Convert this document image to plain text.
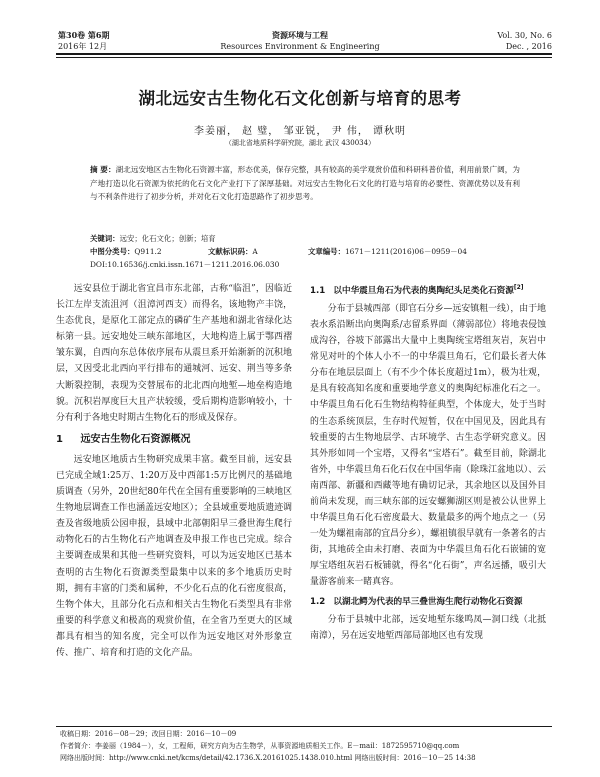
第30卷 第6期
2016年 12月
资源环境与工程
Resources Environment & Engineering
Vol. 30, No. 6
Dec. , 2016
湖北远安古生物化石文化创新与培育的思考
李姜丽， 赵 璧， 邹亚锐， 尹 伟， 谭秋明
（湖北省地质科学研究院，湖北 武汉 430034）
摘 要：湖北远安地区古生物化石资源丰富，形态优美，保存完整，具有较高的美学观赏价值和科研科普价值，利用前景广阔，为产地打造以化石资源为依托的化石文化产业打下了深厚基础。对远安古生物化石文化的打造与培育的必要性、资源优势以及有利与不利条件进行了初步分析，并对化石文化打造思路作了初步思考。
关键词：远安；化石文化；创新；培育
中图分类号：Q911.2	文献标识码：A	文章编号：1671－1211(2016)06－0959－04
DOI:10.16536/j.cnki.issn.1671－1211.2016.06.030

远安县位于湖北省宜昌市东北部，古称“临沮”，因临近长江左岸支流沮河（沮漳河西支）而得名，该地物产丰饶，生态优良，是原化工部定点的磷矿生产基地和湖北省绿化达标第一县。远安地处三峡东部地区，大地构造上属于鄂西褶皱东翼，自西向东总体依序展布从震旦系开始渐新的沉积地层，又因受北北西向平行排布的通城河、远安、荆当等多条大断裂控制，表现为交替展布的北北西向地堑—地垒构造地貌。沉积岩厚度巨大且产状较缓，受后期构造影响较小，十分有利于各地史时期古生物化石的形成及保存。

1 远安古生物化石资源概况

远安地区地质古生物研究成果丰富。截至目前，远安县已完成全域1:25万、1:20万及中西部1:5万比例尺的基础地质调查（另外，20世纪80年代在全国有重要影响的三峡地区生物地层调查工作也涵盖远安地区）；全县域重要地质遗迹调查及省级地质公园申报，县域中北部朝阳早三叠世海生爬行动物化石的古生物化石产地调查及申报工作也已完成。综合主要调查成果和其他一些研究资料，可以为远安地区已基本查明的古生物化石资源类型最集中以来的多个地质历史时期，拥有丰富的门类和属种，不少化石点的化石密度很高，生物个体大，且部分化石点和相关古生物化石类型具有非常重要的科学意义和极高的观赏价值，在全省乃至更大的区域都具有相当的知名度，完全可以作为远安地区对外形象宣传、推广、培育和打造的文化产品。

1.1 以中华震旦角石为代表的奥陶纪头足类化石资源[2]

分布于县城西部（即官石分乡—远安镇粗一线），由于地表水系沿断出向奥陶系/志留系界面（薄弱部位）将地表侵蚀成沟谷，谷坡下部露出大量中上奥陶统宝塔组灰岩，灰岩中常见对叶的个体人小不一的中华震旦角石，它们最长者大体分布在地层层面上（有不少个体长度超过1m），极为壮观，是具有较高知名度和重要地学意义的奥陶纪标准化石之一。中华震旦角石化石生物结构特征典型，个体庞大，处于当时的生态系统顶层，生存时代短暂，仅在中国见及，因此具有较重要的古生物地层学、古环境学、古生态学研究意义。因其外形如同一个宝塔，又得名“宝塔石”。截至目前，除湖北省外，中华震旦角石化石仅在中国华南（除珠江盆地以）、云南西部、新疆和西藏等地有确切记录，其余地区以及国外目前尚未发现，而三峡东部的远安螺狮湖区则是被公认世界上中华震旦角石化石密度最大、数量最多的两个地点之一（另一处为螺祖南部的宜昌分乡），螺祖镇很早就有一条著名的古街，其地砖全由未打磨、表面为中华震旦角石化石嵌铺的宽厚宝塔组灰岩石板铺就，得名“化石街”，声名远播，吸引大量游客前来一睹真容。

1.2 以湖北鳄为代表的早三叠世海生爬行动物化石资源

分布于县城中北部，远安地堑东缘鸣凤—洞口线（北抵南漳），另在远安地堑西部局部地区也有发现

收稿日期：2016－08－29；改回日期：2016－10－09
作者简介：李姜丽（1984－），女，工程师，研究方向为古生物学，从事资源地质相关工作。E－mail：1872595710@qq.com
网络出版时间：http://www.cnki.net/kcms/detail/42.1736.X.20161025.1438.010.html 网络出版时间：2016－10－25 14:38
